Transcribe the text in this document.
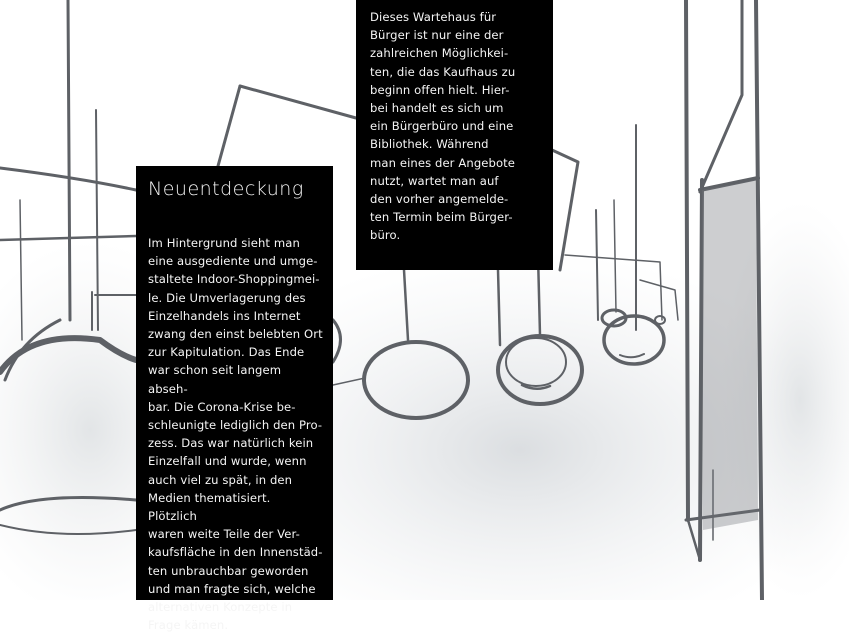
Neuentdeckung

Im Hintergrund sieht man
eine ausgediente und umge-
staltete Indoor-Shoppingmei-
le. Die Umverlagerung des
Einzelhandels ins Internet
zwang den einst belebten Ort
zur Kapitulation. Das Ende
war schon seit langem abseh-
bar. Die Corona-Krise be-
schleunigte lediglich den Pro-
zess. Das war natürlich kein
Einzelfall und wurde, wenn
auch viel zu spät, in den
Medien thematisiert. Plötzlich
waren weite Teile der Ver-
kaufsfläche in den Innenstäd-
ten unbrauchbar geworden
und man fragte sich, welche
alternativen Konzepte in
Frage kämen.

Dieses Wartehaus für
Bürger ist nur eine der
zahlreichen Möglichkei-
ten, die das Kaufhaus zu
beginn offen hielt. Hier-
bei handelt es sich um
ein Bürgerbüro und eine
Bibliothek. Während
man eines der Angebote
nutzt, wartet man auf
den vorher angemelde-
ten Termin beim Bürger-
büro.
